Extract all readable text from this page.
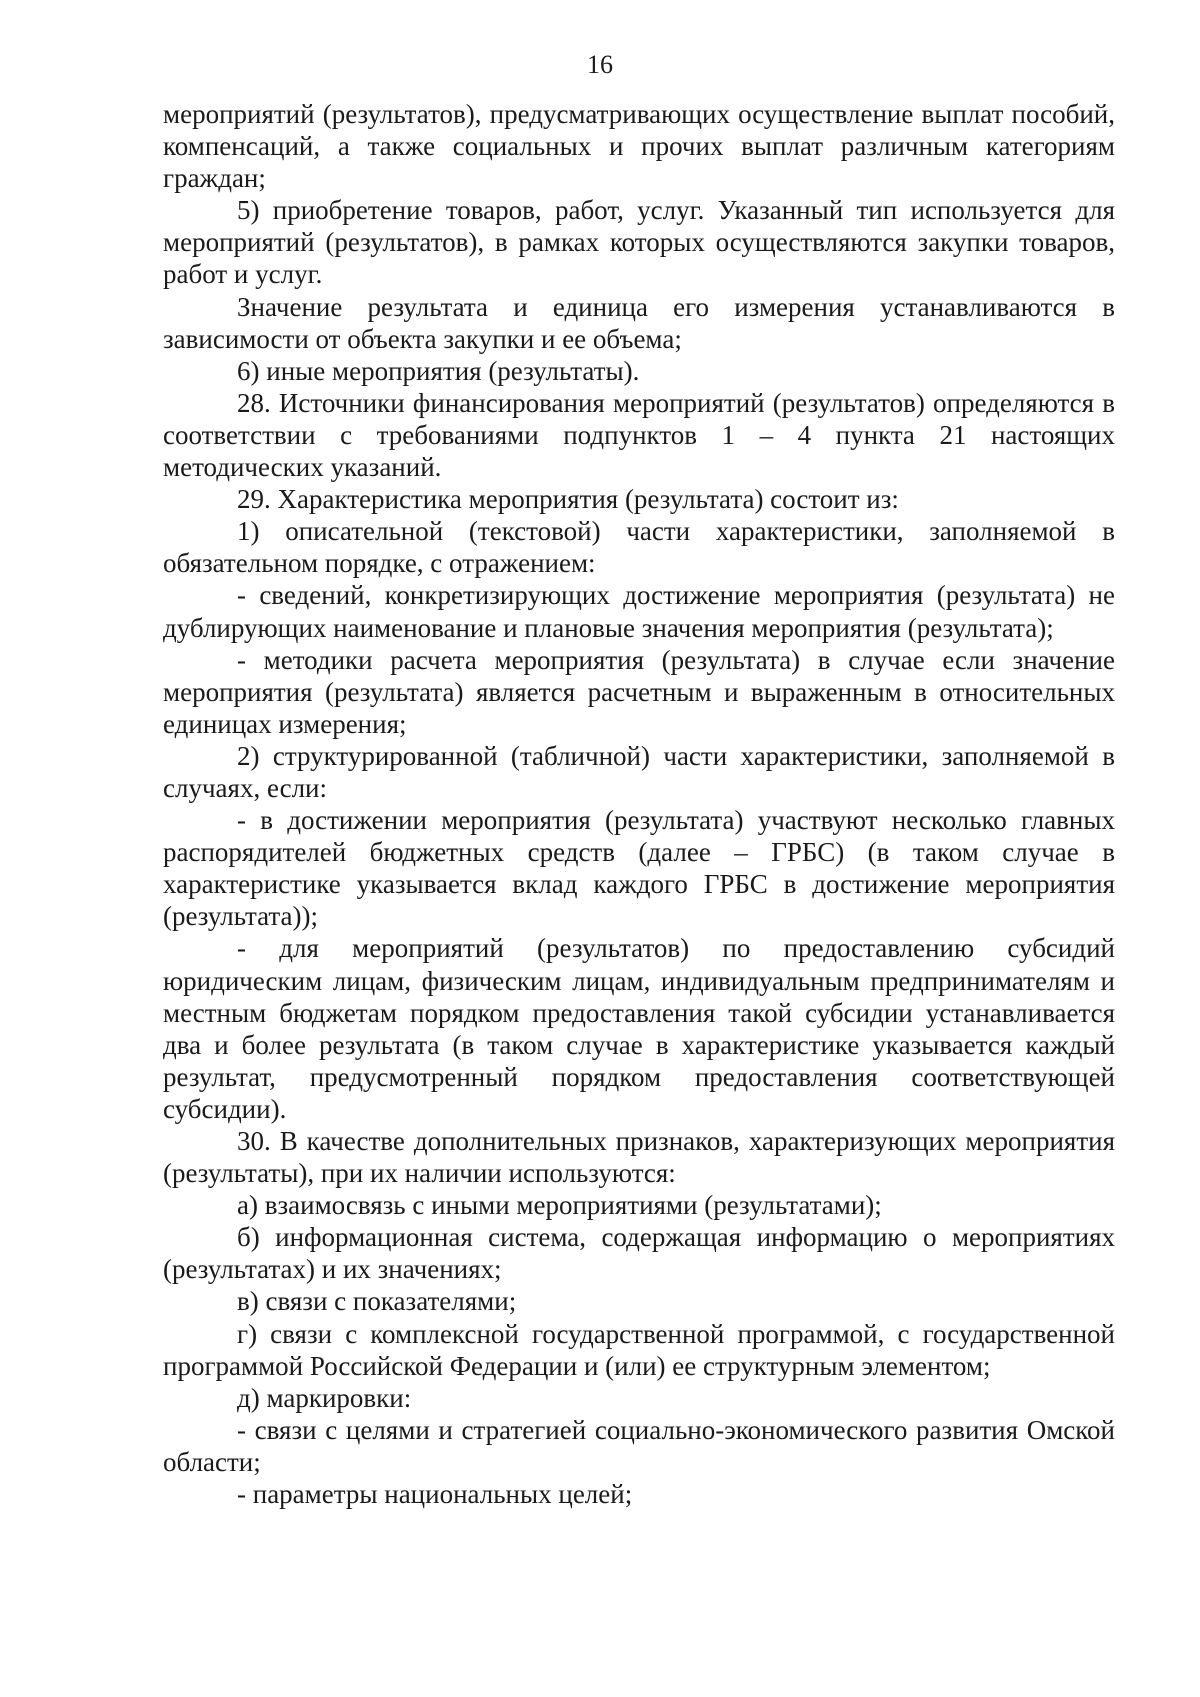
16

мероприятий (результатов), предусматривающих осуществление выплат пособий, компенсаций, а также социальных и прочих выплат различным категориям граждан;

5) приобретение товаров, работ, услуг. Указанный тип используется для мероприятий (результатов), в рамках которых осуществляются закупки товаров, работ и услуг.

Значение результата и единица его измерения устанавливаются в зависимости от объекта закупки и ее объема;

6) иные мероприятия (результаты).

28. Источники финансирования мероприятий (результатов) определяются в соответствии с требованиями подпунктов 1 – 4 пункта 21 настоящих методических указаний.

29. Характеристика мероприятия (результата) состоит из:

1) описательной (текстовой) части характеристики, заполняемой в обязательном порядке, с отражением:

- сведений, конкретизирующих достижение мероприятия (результата) не дублирующих наименование и плановые значения мероприятия (результата);

- методики расчета мероприятия (результата) в случае если значение мероприятия (результата) является расчетным и выраженным в относительных единицах измерения;

2) структурированной (табличной) части характеристики, заполняемой в случаях, если:

- в достижении мероприятия (результата) участвуют несколько главных распорядителей бюджетных средств (далее – ГРБС) (в таком случае в характеристике указывается вклад каждого ГРБС в достижение мероприятия (результата));

- для мероприятий (результатов) по предоставлению субсидий юридическим лицам, физическим лицам, индивидуальным предпринимателям и местным бюджетам порядком предоставления такой субсидии устанавливается два и более результата (в таком случае в характеристике указывается каждый результат, предусмотренный порядком предоставления соответствующей субсидии).

30. В качестве дополнительных признаков, характеризующих мероприятия (результаты), при их наличии используются:

а) взаимосвязь с иными мероприятиями (результатами);

б) информационная система, содержащая информацию о мероприятиях (результатах) и их значениях;

в) связи с показателями;

г) связи с комплексной государственной программой, с государственной программой Российской Федерации и (или) ее структурным элементом;

д) маркировки:

- связи с целями и стратегией социально-экономического развития Омской области;

- параметры национальных целей;
